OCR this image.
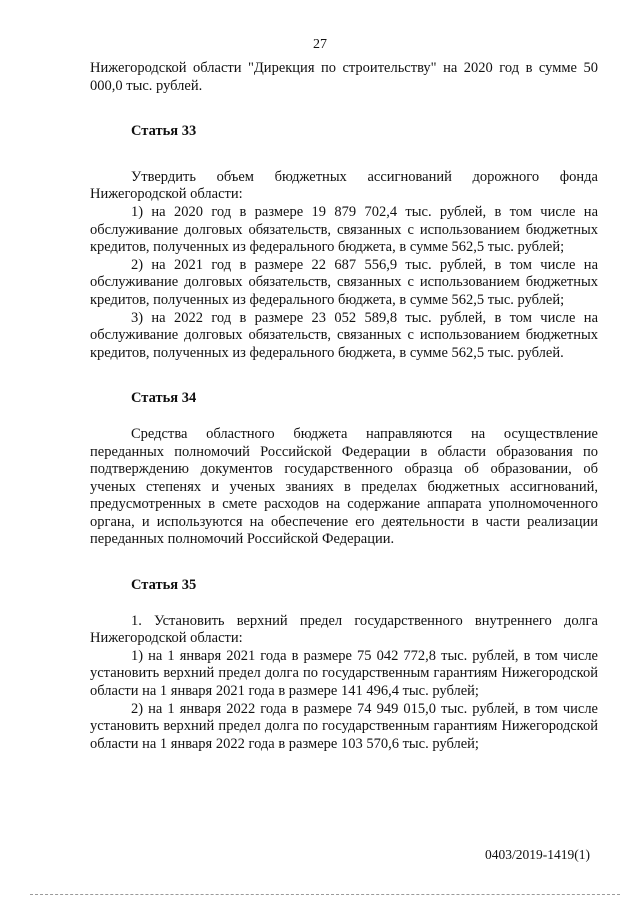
27

Нижегородской области "Дирекция по строительству" на 2020 год в сумме 50 000,0 тыс. рублей.

Статья 33

Утвердить объем бюджетных ассигнований дорожного фонда Нижегородской области:

1) на 2020 год в размере 19 879 702,4 тыс. рублей, в том числе на обслуживание долговых обязательств, связанных с использованием бюджетных кредитов, полученных из федерального бюджета, в сумме 562,5 тыс. рублей;

2) на 2021 год в размере 22 687 556,9 тыс. рублей, в том числе на обслуживание долговых обязательств, связанных с использованием бюджетных кредитов, полученных из федерального бюджета, в сумме 562,5 тыс. рублей;

3) на 2022 год в размере 23 052 589,8 тыс. рублей, в том числе на обслуживание долговых обязательств, связанных с использованием бюджетных кредитов, полученных из федерального бюджета, в сумме 562,5 тыс. рублей.

Статья 34

Средства областного бюджета направляются на осуществление переданных полномочий Российской Федерации в области образования по подтверждению документов государственного образца об образовании, об ученых степенях и ученых званиях в пределах бюджетных ассигнований, предусмотренных в смете расходов на содержание аппарата уполномоченного органа, и используются на обеспечение его деятельности в части реализации переданных полномочий Российской Федерации.

Статья 35

1. Установить верхний предел государственного внутреннего долга Нижегородской области:

1) на 1 января 2021 года в размере 75 042 772,8 тыс. рублей, в том числе установить верхний предел долга по государственным гарантиям Нижегородской области на 1 января 2021 года в размере 141 496,4 тыс. рублей;

2) на 1 января 2022 года в размере 74 949 015,0 тыс. рублей, в том числе установить верхний предел долга по государственным гарантиям Нижегородской области на 1 января 2022 года в размере 103 570,6 тыс. рублей;

0403/2019-1419(1)
